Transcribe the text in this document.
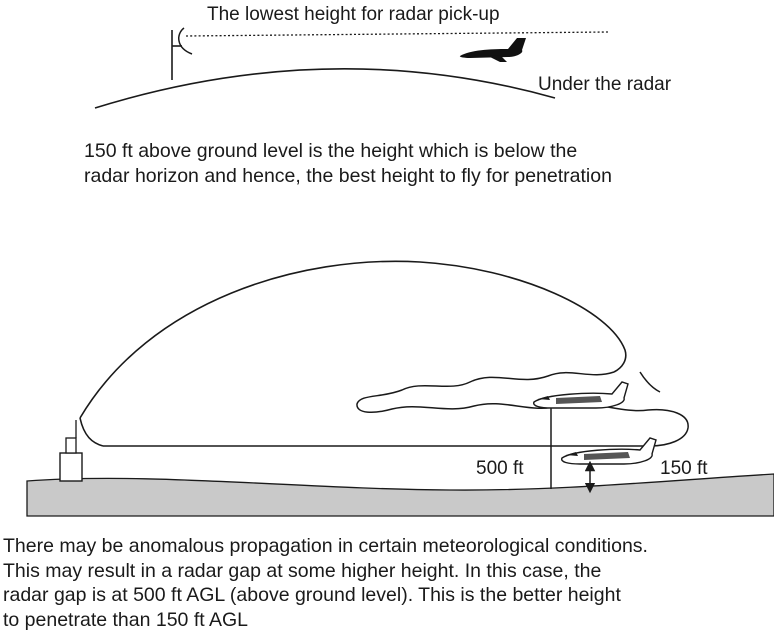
The lowest height for radar pick-up
Under the radar
500 ft	150 ft

150 ft above ground level is the height which is below the
radar horizon and hence, the best height to fly for penetration

There may be anomalous propagation in certain meteorological conditions.
This may result in a radar gap at some higher height. In this case, the
radar gap is at 500 ft AGL (above ground level). This is the better height
to penetrate than 150 ft AGL
